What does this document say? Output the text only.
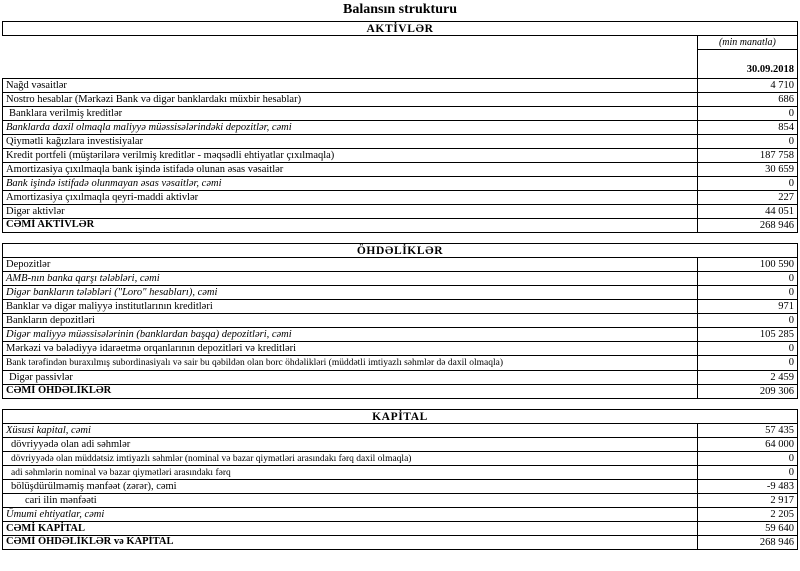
Balansın strukturu
AKTİVLƏR	
	(min manatla)
	30.09.2018
Nağd vəsaitlər	4 710
Nostro hesablar (Mərkəzi Bank və digər banklardakı müxbir hesablar)	686
Banklara verilmiş kreditlər	0
Banklarda daxil olmaqla maliyyə müəssisələrindəki depozitlər, cəmi	854
Qiymətli kağızlara investisiyalar	0
Kredit portfeli (müştərilərə verilmiş kreditlər - məqsədli ehtiyatlar çıxılmaqla)	187 758
Amortizasiya çıxılmaqla bank işində istifadə olunan əsas vəsaitlər	30 659
Bank işində istifadə olunmayan əsas vəsaitlər, cəmi	0
Amortizasiya çıxılmaqla qeyri-maddi aktivlər	227
Digər aktivlər	44 051
CƏMİ AKTİVLƏR	268 946
ÖHDƏLİKLƏR	
Depozitlər	100 590
AMB-nın banka qarşı tələbləri, cəmi	0
Digər bankların tələbləri ("Loro" hesabları), cəmi	0
Banklar və digər maliyyə institutlarının kreditləri	971
Bankların depozitləri	0
Digər maliyyə müəssisələrinin (banklardan başqa) depozitləri, cəmi	105 285
Mərkəzi və bələdiyyə idarəetmə orqanlarının depozitləri və kreditləri	0
Bank tərəfindən buraxılmış subordinasiyalı və sair bu qəbildən olan borc öhdəlikləri (müddətli imtiyazlı səhmlər də daxil olmaqla)	0
Digər passivlər	2 459
CƏMİ ÖHDƏLİKLƏR	209 306
KAPİTAL	
Xüsusi kapital, cəmi	57 435
dövriyyədə olan adi səhmlər	64 000
dövriyyədə olan müddətsiz imtiyazlı səhmlər (nominal və bazar qiymətləri arasındakı fərq daxil olmaqla)	0
adi səhmlərin nominal və bazar qiymətləri arasındakı fərq	0
bölüşdürülməmiş mənfəət (zərər), cəmi	-9 483
cari ilin mənfəəti	2 917
Ümumi ehtiyatlar, cəmi	2 205
CƏMİ KAPİTAL	59 640
CƏMİ ÖHDƏLİKLƏR və KAPİTAL	268 946
